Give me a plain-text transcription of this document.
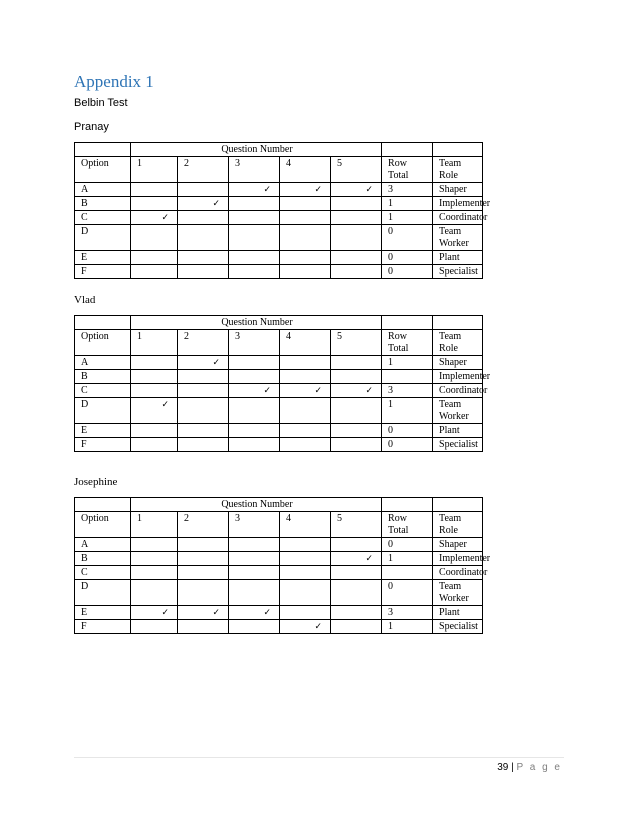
Appendix 1
Belbin Test
Pranay
	Question Number						
Option	1	2	3	4	5	Row Total	Team Role
A			✓	✓	✓	3	Shaper
B		✓				1	Implementer
C	✓					1	Coordinator
D						0	Team Worker
E						0	Plant
F						0	Specialist
Vlad
	Question Number						
Option	1	2	3	4	5	Row Total	Team Role
A		✓				1	Shaper
B							Implementer
C			✓	✓	✓	3	Coordinator
D	✓					1	Team Worker
E						0	Plant
F						0	Specialist
Josephine
	Question Number						
Option	1	2	3	4	5	Row Total	Team Role
A						0	Shaper
B					✓	1	Implementer
C							Coordinator
D						0	Team Worker
E	✓	✓	✓			3	Plant
F				✓		1	Specialist
39 | P a g e
